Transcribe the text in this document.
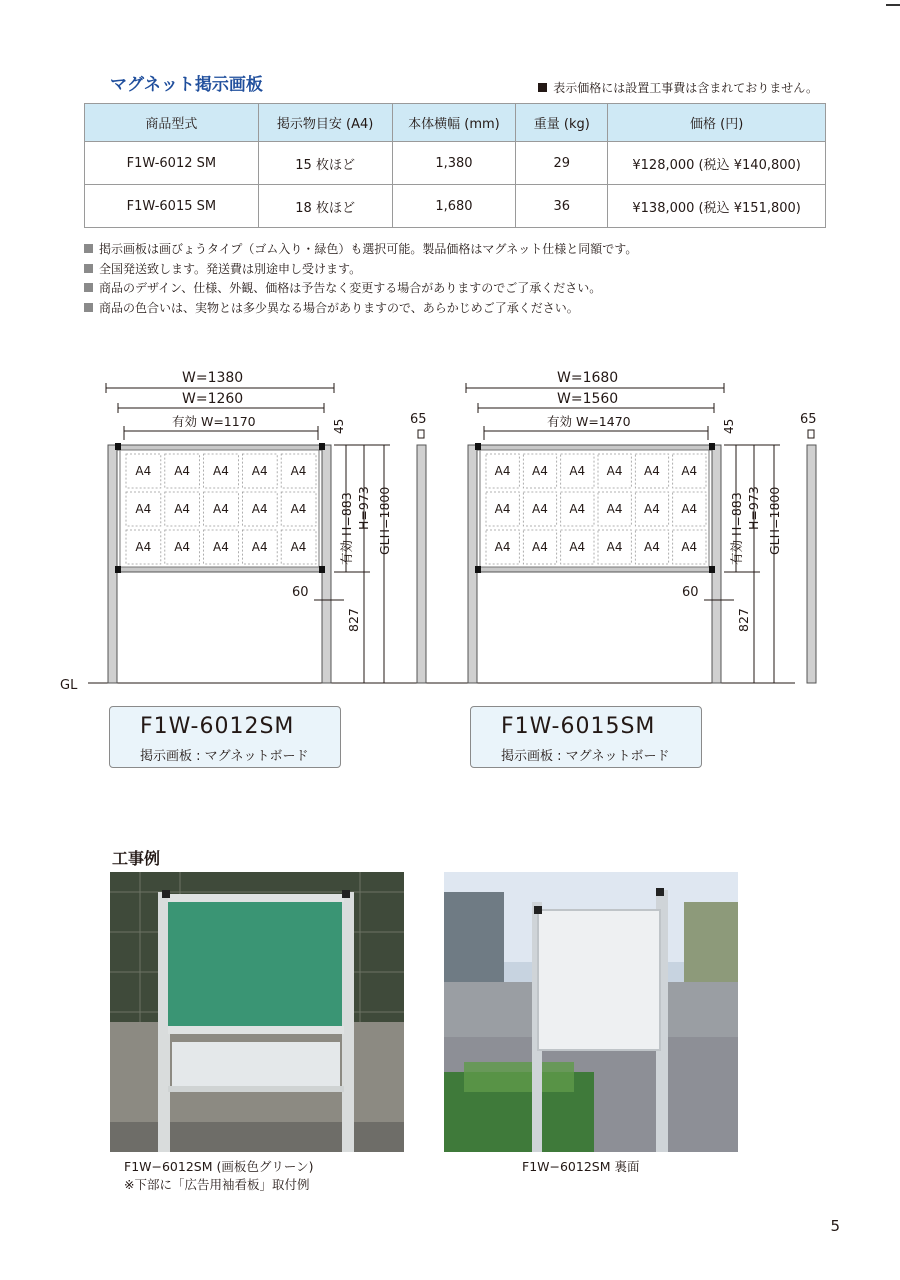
マグネット掲示画板	表示価格には設置工事費は含まれておりません。
商品型式	掲示物目安 (A4)	本体横幅 (mm)	重量 (kg)	価格 (円)
F1W-6012 SM	15 枚ほど	1,380	29	¥128,000 (税込 ¥140,800)
F1W-6015 SM	18 枚ほど	1,680	36	¥138,000 (税込 ¥151,800)
掲示画板は画びょうタイプ（ゴム入り・緑色）も選択可能。製品価格はマグネット仕様と同額です。
全国発送致します。発送費は別途申し受けます。
商品のデザイン、仕様、外観、価格は予告なく変更する場合がありますのでご了承ください。
商品の色合いは、実物とは多少異なる場合がありますので、あらかじめご了承ください。
GL
A4 A4 A4 A4 A4
A4 A4 A4 A4 A4
A4 A4 A4 A4 A4
W=1380
W=1260
有効 W=1170	45
有効 H=883 H=973 GLH=1800
827
60
65
A4 A4 A4 A4 A4 A4
A4 A4 A4 A4 A4 A4
A4 A4 A4 A4 A4 A4
W=1680
W=1560
有効 W=1470	45
有効 H=883 H=973 GLH=1800
827
60
65
F1W-6012SM
掲示画板 : マグネットボード
F1W-6015SM
掲示画板 : マグネットボード
工事例
F1W−6012SM (画板色グリーン)
※下部に「広告用袖看板」取付例
F1W−6012SM 裏面
5
